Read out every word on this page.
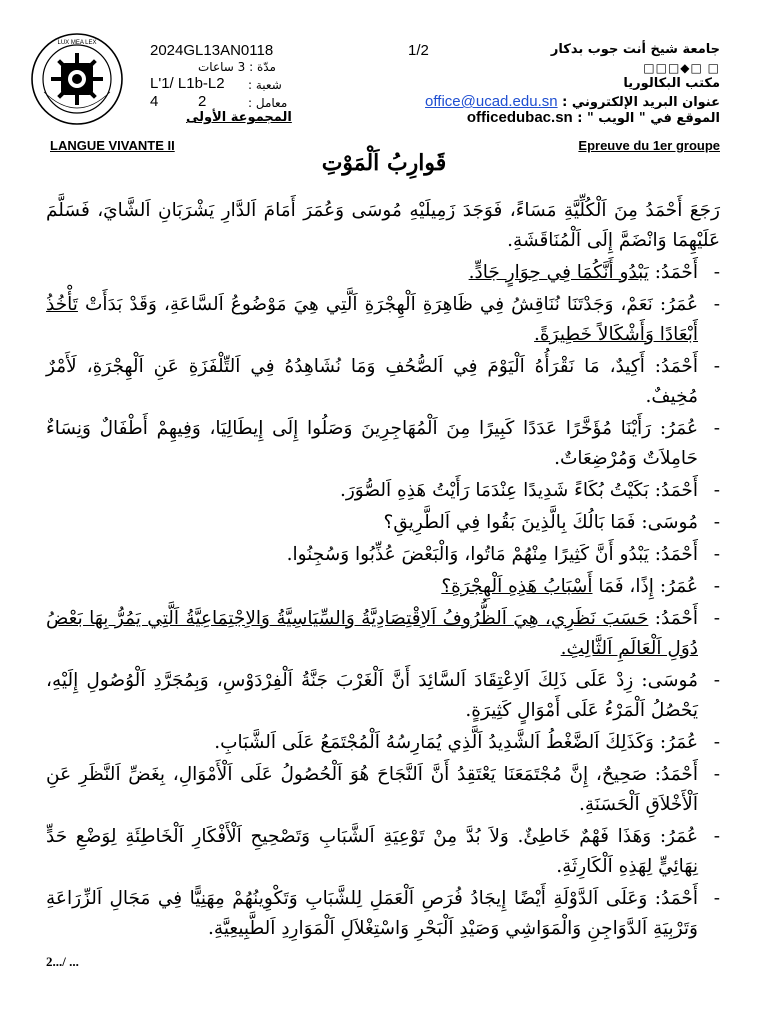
LUX MEA LEX	2024GL13AN0118	1/2	جامعة شيخ أنت جوب بدكار
□□□◆□ □
مكتب البكالوريا
عنوان البريد الإلكتروني : office@ucad.edu.sn
الموقع في " الويب " : officedubac.sn
مدّة : 3 ساعات
L'1/ L1b-L2 شعبة :
4	2	معامل :
المجموعة الأولى
LANGUE VIVANTE II	Epreuve du 1er groupe
قَوارِبُ اَلْمَوْتِ

رَجَعَ أَحْمَدُ مِنَ اَلْكُلِّيَّةِ مَسَاءً، فَوَجَدَ زَمِيلَيْهِ مُوسَى وَعُمَرَ أَمَامَ اَلدَّارِ يَشْرَبَانِ اَلشَّايَ، فَسَلَّمَ عَلَيْهِمَا وَانْضَمَّ إِلَى اَلْمُنَاقَشَةِ.

-
أَحْمَدُ: يَبْدُو أَنَّكُمَا فِي حِوَارٍ جَادٍّ.

-
عُمَرُ: نَعَمْ، وَجَدْتَنَا نُنَاقِشُ فِي ظَاهِرَةِ اَلْهِجْرَةِ اَلَّتِي هِيَ مَوْضُوعُ اَلسَّاعَةِ، وَقَدْ بَدَأَتْ تَأْخُذُ أَبْعَادًا وَأَشْكَالاً خَطِيرَةً.

-
أَحْمَدُ: أَكِيدٌ، مَا نَقْرَأُهُ اَلْيَوْمَ فِي اَلصُّحُفِ وَمَا نُشَاهِدُهُ فِي اَلتِّلْفَزَةِ عَنِ اَلْهِجْرَةِ، لَأَمْرٌ مُخِيفٌ.

-
عُمَرُ: رَأَيْنَا مُؤَخَّرًا عَدَدًا كَبِيرًا مِنَ اَلْمُهَاجِرِينَ وَصَلُوا إِلَى إِيطَالِيَا، وَفِيهِمْ أَطْفَالٌ وَنِسَاءٌ حَامِلاَتٌ وَمُرْضِعَاتٌ.

-
أَحْمَدُ: بَكَيْتُ بُكَاءً شَدِيدًا عِنْدَمَا رَأَيْتُ هَذِهِ اَلصُّوَرَ.

-
مُوسَى: فَمَا بَالُكَ بِالَّذِينَ بَقُوا فِي اَلطَّرِيقِ؟

-
أَحْمَدُ: يَبْدُو أَنَّ كَثِيرًا مِنْهُمْ مَاتُوا، وَالْبَعْضَ عُذِّبُوا وَسُجِنُوا.

-
عُمَرُ: إِذًا، فَمَا أَسْبَابُ هَذِهِ اَلْهِجْرَةِ؟

-
أَحْمَدُ: حَسَبَ نَظَرِي، هِيَ اَلظُّرُوفُ اَلاِقْتِصَادِيَّةُ وَالسِّيَاسِيَّةُ وَالاِجْتِمَاعِيَّةُ اَلَّتِي يَمُرُّ بِهَا بَعْضُ دُوَلِ اَلْعَالَمِ اَلثَّالِثِ.

-
مُوسَى: زِدْ عَلَى ذَلِكَ اَلاِعْتِقَادَ اَلسَّائِدَ أَنَّ اَلْغَرْبَ جَنَّةُ اَلْفِرْدَوْسِ، وَبِمُجَرَّدِ اَلْوُصُولِ إِلَيْهِ، يَحْصُلُ اَلْمَرْءُ عَلَى أَمْوَالٍ كَثِيرَةٍ.

-
عُمَرُ: وَكَذَلِكَ اَلضَّغْطُ اَلشَّدِيدُ اَلَّذِي يُمَارِسُهُ اَلْمُجْتَمَعُ عَلَى اَلشَّبَابِ.

-
أَحْمَدُ: صَحِيحٌ، إِنَّ مُجْتَمَعَنَا يَعْتَقِدُ أَنَّ اَلنَّجَاحَ هُوَ اَلْحُصُولُ عَلَى اَلْأَمْوَالِ، بِغَضِّ اَلنَّظَرِ عَنِ اَلْأَخْلاَقِ اَلْحَسَنَةِ.

-
عُمَرُ: وَهَذَا فَهْمٌ خَاطِئٌ. وَلاَ بُدَّ مِنْ تَوْعِيَةِ اَلشَّبَابِ وَتَصْحِيحِ اَلْأَفْكَارِ اَلْخَاطِئَةِ لِوَضْعِ حَدٍّ نِهَائِيٍّ لِهَذِهِ اَلْكَارِثَةِ.

-
أَحْمَدُ: وَعَلَى اَلدَّوْلَةِ أَيْضًا إِيجَادُ فُرَصِ اَلْعَمَلِ لِلشَّبَابِ وَتَكْوِينُهُمْ مِهَنِيًّا فِي مَجَالِ اَلزِّرَاعَةِ وَتَرْبِيَةِ اَلدَّوَاجِنِ وَالْمَوَاشِي وَصَيْدِ اَلْبَحْرِ وَاسْتِغْلاَلِ اَلْمَوَارِدِ اَلطَّبِيعِيَّةِ.

2.../ ...
